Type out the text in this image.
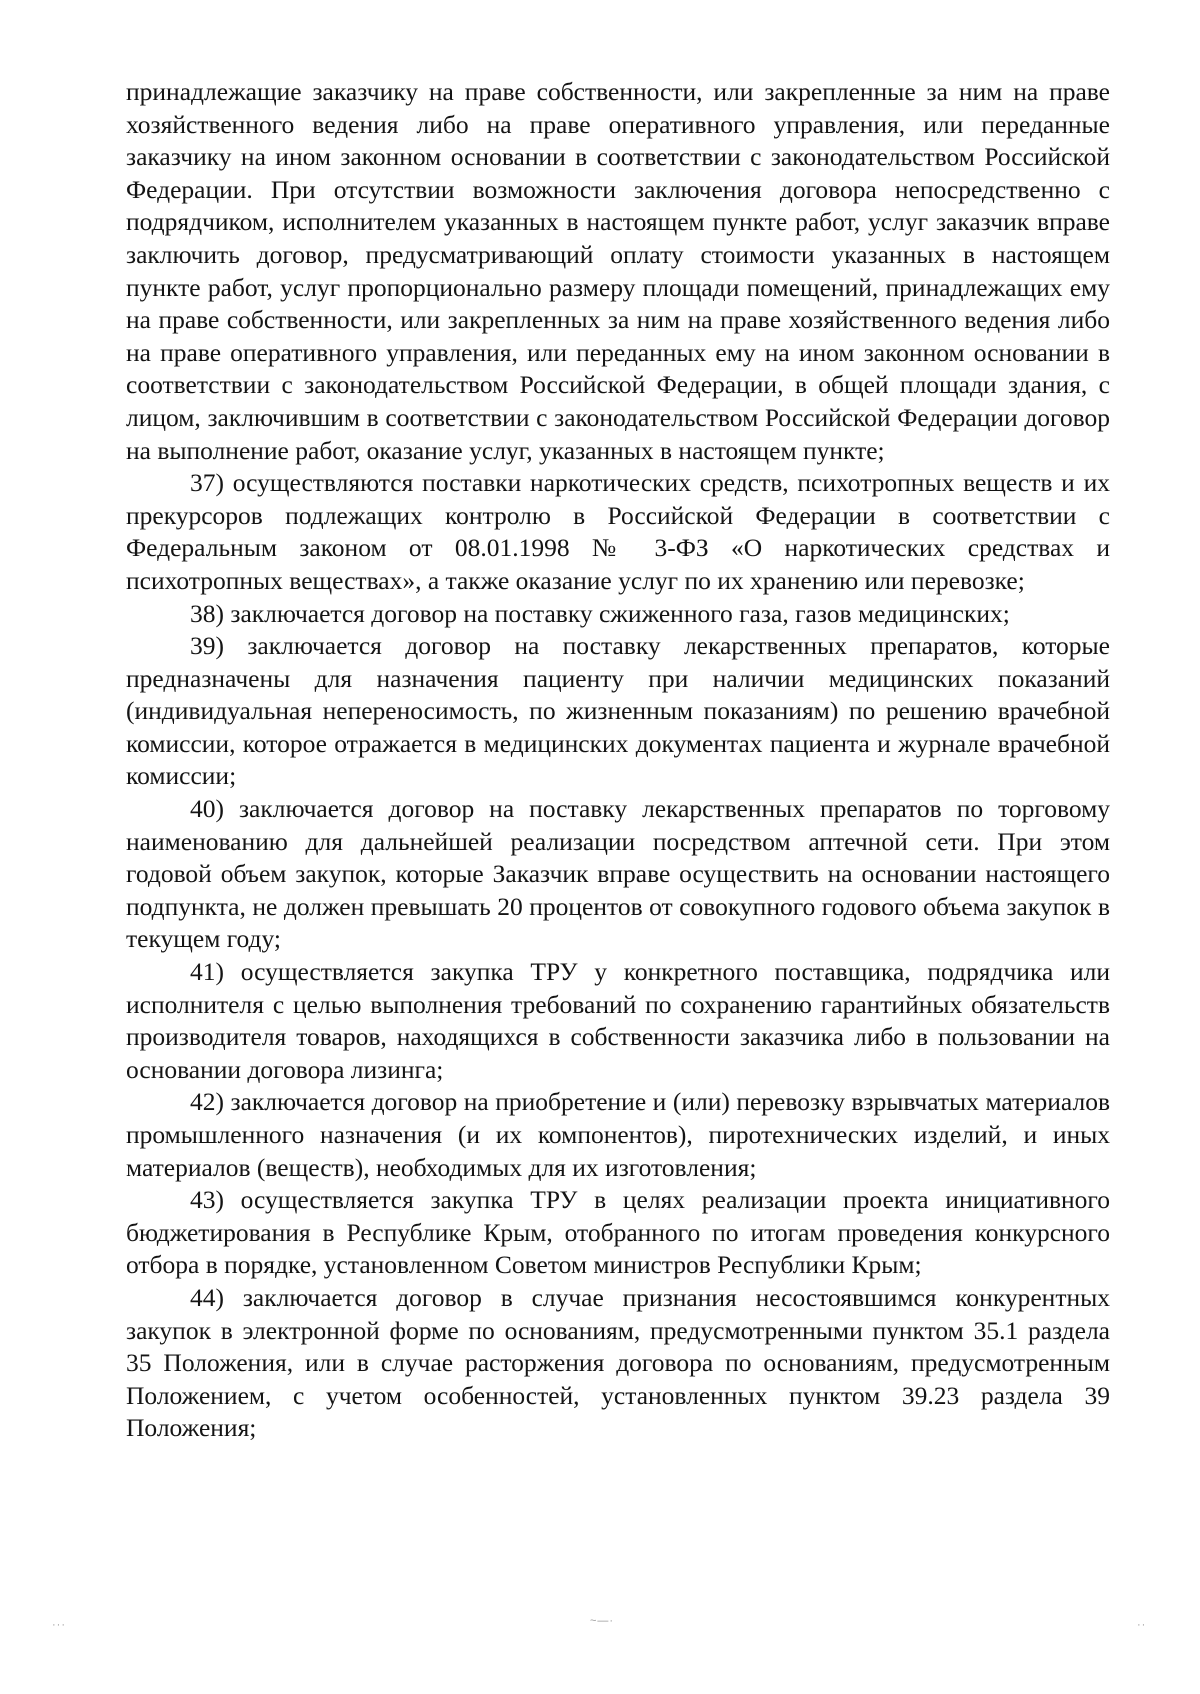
принадлежащие заказчику на праве собственности, или закрепленные за ним на праве хозяйственного ведения либо на праве оперативного управления, или переданные заказчику на ином законном основании в соответствии с законодательством Российской Федерации. При отсутствии возможности заключения договора непосредственно с подрядчиком, исполнителем указанных в настоящем пункте работ, услуг заказчик вправе заключить договор, предусматривающий оплату стоимости указанных в настоящем пункте работ, услуг пропорционально размеру площади помещений, принадлежащих ему на праве собственности, или закрепленных за ним на праве хозяйственного ведения либо на праве оперативного управления, или переданных ему на ином законном основании в соответствии с законодательством Российской Федерации, в общей площади здания, с лицом, заключившим в соответствии с законодательством Российской Федерации договор на выполнение работ, оказание услуг, указанных в настоящем пункте;

37) осуществляются поставки наркотических средств, психотропных веществ и их прекурсоров подлежащих контролю в Российской Федерации в соответствии с Федеральным законом от 08.01.1998 № 3-ФЗ «О наркотических средствах и психотропных веществах», а также оказание услуг по их хранению или перевозке;

38) заключается договор на поставку сжиженного газа, газов медицинских;

39) заключается договор на поставку лекарственных препаратов, которые предназначены для назначения пациенту при наличии медицинских показаний (индивидуальная непереносимость, по жизненным показаниям) по решению врачебной комиссии, которое отражается в медицинских документах пациента и журнале врачебной комиссии;

40) заключается договор на поставку лекарственных препаратов по торговому наименованию для дальнейшей реализации посредством аптечной сети. При этом годовой объем закупок, которые Заказчик вправе осуществить на основании настоящего подпункта, не должен превышать 20 процентов от совокупного годового объема закупок в текущем году;

41) осуществляется закупка ТРУ у конкретного поставщика, подрядчика или исполнителя с целью выполнения требований по сохранению гарантийных обязательств производителя товаров, находящихся в собственности заказчика либо в пользовании на основании договора лизинга;

42) заключается договор на приобретение и (или) перевозку взрывчатых материалов промышленного назначения (и их компонентов), пиротехнических изделий, и иных материалов (веществ), необходимых для их изготовления;

43) осуществляется закупка ТРУ в целях реализации проекта инициативного бюджетирования в Республике Крым, отобранного по итогам проведения конкурсного отбора в порядке, установленном Советом министров Республики Крым;

44) заключается договор в случае признания несостоявшимся конкурентных закупок в электронной форме по основаниям, предусмотренными пунктом 35.1 раздела 35 Положения, или в случае расторжения договора по основаниям, предусмотренным Положением, с учетом особенностей, установленных пунктом 39.23 раздела 39 Положения;

···	~—·	··
